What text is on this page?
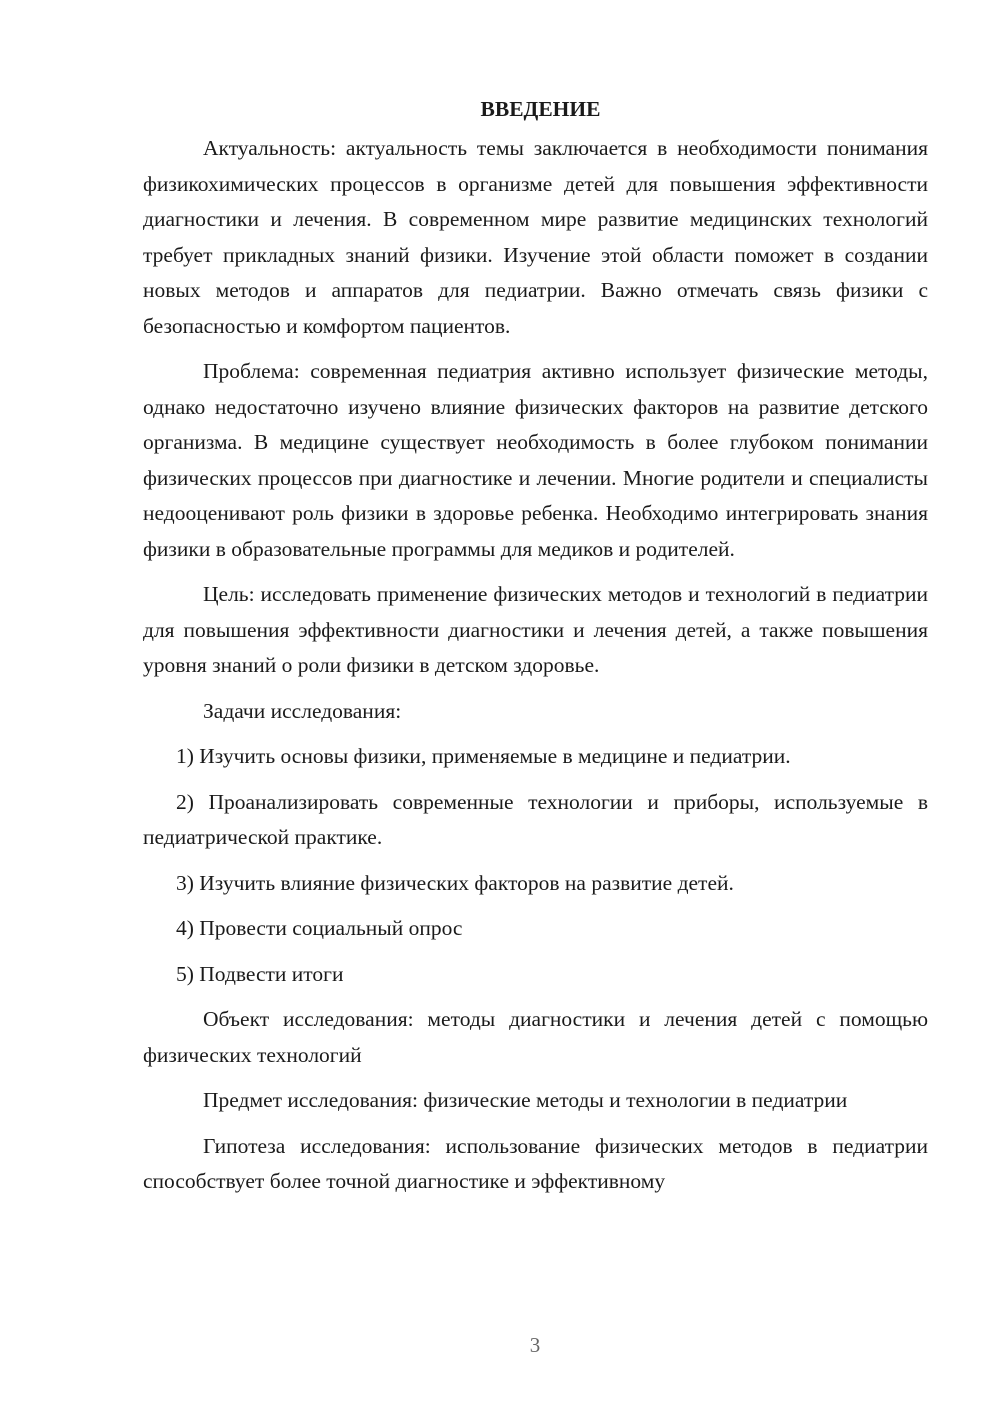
ВВЕДЕНИЕ

Актуальность: актуальность темы заключается в необходимости понимания физикохимических процессов в организме детей для повышения эффективности диагностики и лечения. В современном мире развитие медицинских технологий требует прикладных знаний физики. Изучение этой области поможет в создании новых методов и аппаратов для педиатрии. Важно отмечать связь физики с безопасностью и комфортом пациентов.

Проблема: современная педиатрия активно использует физические методы, однако недостаточно изучено влияние физических факторов на развитие детского организма. В медицине существует необходимость в более глубоком понимании физических процессов при диагностике и лечении. Многие родители и специалисты недооценивают роль физики в здоровье ребенка. Необходимо интегрировать знания физики в образовательные программы для медиков и родителей.

Цель: исследовать применение физических методов и технологий в педиатрии для повышения эффективности диагностики и лечения детей, а также повышения уровня знаний о роли физики в детском здоровье.

Задачи исследования:

1) Изучить основы физики, применяемые в медицине и педиатрии.

2) Проанализировать современные технологии и приборы, используемые в педиатрической практике.

3) Изучить влияние физических факторов на развитие детей.

4) Провести социальный опрос

5) Подвести итоги

Объект исследования: методы диагностики и лечения детей с помощью физических технологий

Предмет исследования: физические методы и технологии в педиатрии

Гипотеза исследования: использование физических методов в педиатрии способствует более точной диагностике и эффективному

3
